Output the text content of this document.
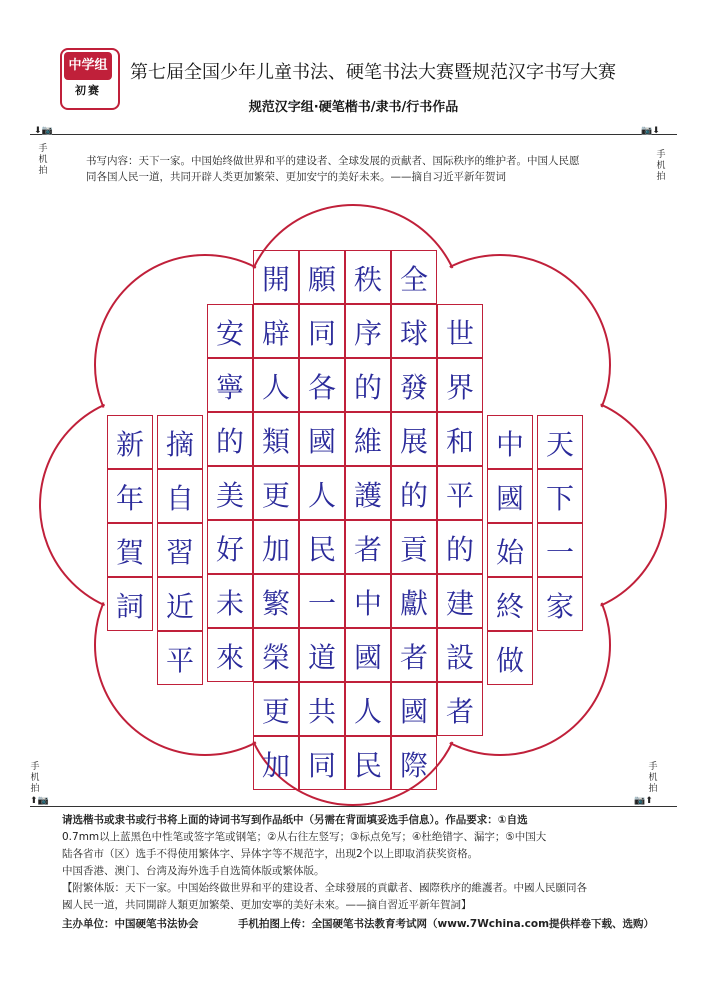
中学组
初赛
第七届全国少年儿童书法、硬笔书法大赛暨规范汉字书写大赛
规范汉字组·硬笔楷书/隶书/行书作品
⬇📷
手
机
拍
📷⬇
手
机
拍
手
机
拍
⬆📷
手
机
拍
📷⬆
书写内容：天下一家。中国始终做世界和平的建设者、全球发展的贡献者、国际秩序的维护者。中国人民愿
同各国人民一道，共同开辟人类更加繁荣、更加安宁的美好未来。——摘自习近平新年贺词
天
下
一
家
中
國
始
終
做
世
界
和
平
的
建
設
者
全
球
發
展
的
貢
獻
者
國
際
秩
序
的
維
護
者
中
國
人
民
願
同
各
國
人
民
一
道
共
同
開
辟
人
類
更
加
繁
榮
更
加
安
寧
的
美
好
未
來
摘
自
習
近
平
新
年
賀
詞
请选楷书或隶书或行书将上面的诗词书写到作品纸中（另需在背面填妥选手信息）。作品要求：①自选
0.7mm以上蓝黑色中性笔或签字笔或钢笔；②从右往左竖写；③标点免写；④杜绝错字、漏字；⑤中国大
陆各省市（区）选手不得使用繁体字、异体字等不规范字，出现2个以上即取消获奖资格。
中国香港、澳门、台湾及海外选手自选简体版或繁体版。
【附繁体版：天下一家。中国始终做世界和平的建设者、全球發展的貢獻者、國際秩序的維護者。中國人民願同各
國人民一道，共同開辟人類更加繁榮、更加安寧的美好未來。——摘自習近平新年賀詞】
主办单位：中国硬笔书法协会	手机拍图上传：全国硬笔书法教育考试网（www.7Wchina.com提供样卷下载、选购）
